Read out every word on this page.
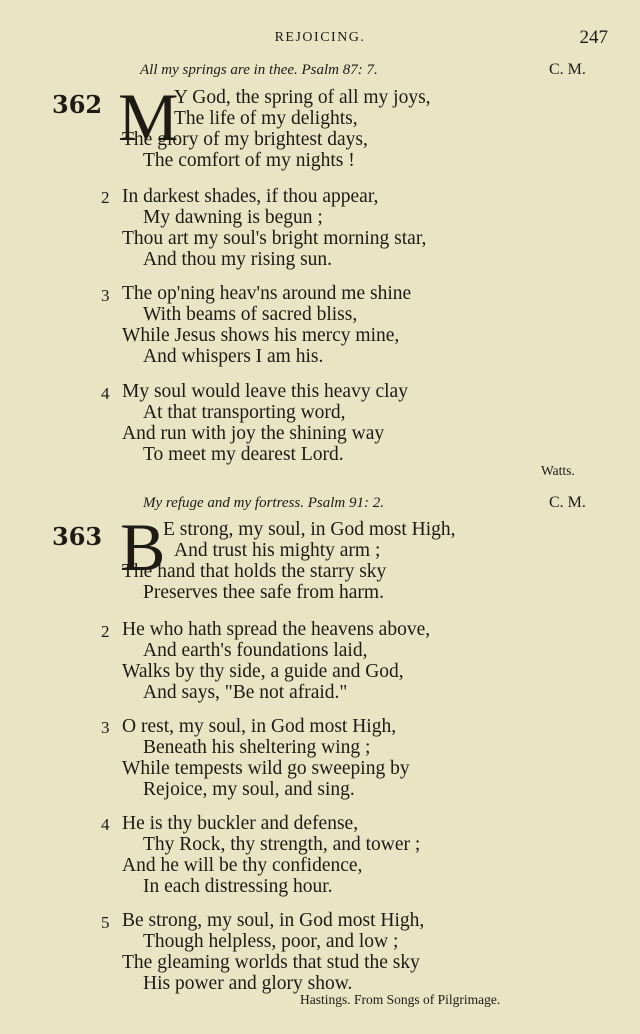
REJOICING.	247
All my springs are in thee. Psalm 87: 7.	C. M.
362 M
Y God, the spring of all my joys,
The life of my delights,
The glory of my brightest days,
The comfort of my nights !
2 In darkest shades, if thou appear,
My dawning is begun ;
Thou art my soul's bright morning star,
And thou my rising sun.
3 The op'ning heav'ns around me shine
With beams of sacred bliss,
While Jesus shows his mercy mine,
And whispers I am his.
4 My soul would leave this heavy clay
At that transporting word,
And run with joy the shining way
To meet my dearest Lord.
Watts.
My refuge and my fortress. Psalm 91: 2.	C. M.
363 B
E strong, my soul, in God most High,
And trust his mighty arm ;
The hand that holds the starry sky
Preserves thee safe from harm.
2 He who hath spread the heavens above,
And earth's foundations laid,
Walks by thy side, a guide and God,
And says, "Be not afraid."
3 O rest, my soul, in God most High,
Beneath his sheltering wing ;
While tempests wild go sweeping by
Rejoice, my soul, and sing.
4 He is thy buckler and defense,
Thy Rock, thy strength, and tower ;
And he will be thy confidence,
In each distressing hour.
5 Be strong, my soul, in God most High,
Though helpless, poor, and low ;
The gleaming worlds that stud the sky
His power and glory show.
Hastings. From Songs of Pilgrimage.
